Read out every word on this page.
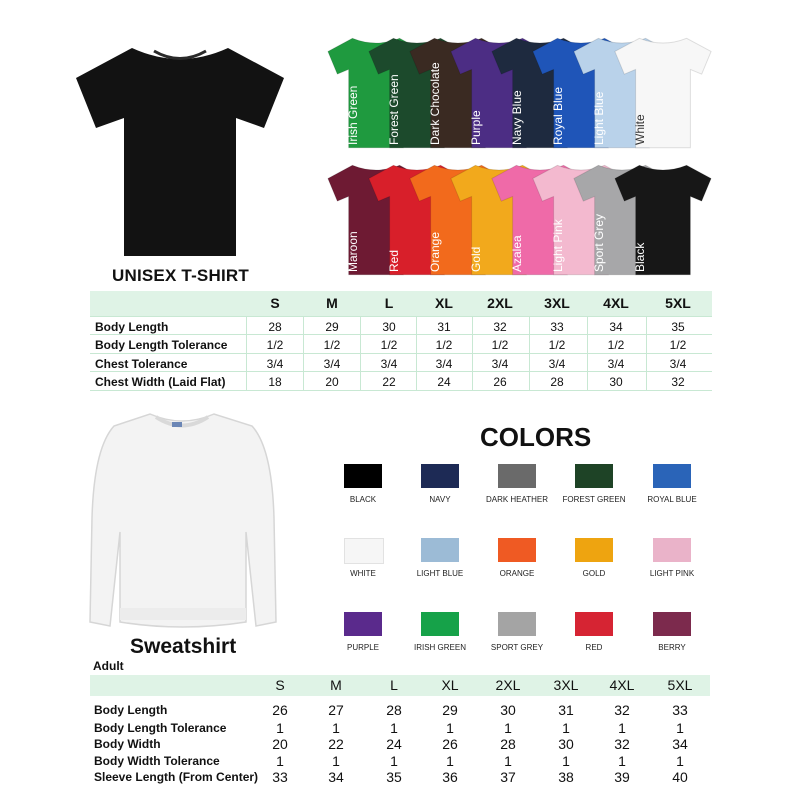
UNISEX T-SHIRT
Irish Green Forest Green Dark Chocolate Purple Navy Blue Royal Blue Light Blue White
Maroon Red Orange Gold Azalea Light Pink Sport Grey Black
S	M	L	XL	2XL	3XL	4XL	5XL
Body Length	28	29	30	31	32	33	34	35
Body Length Tolerance	1/2	1/2	1/2	1/2	1/2	1/2	1/2	1/2
Chest Tolerance	3/4	3/4	3/4	3/4	3/4	3/4	3/4	3/4
Chest Width (Laid Flat)	18	20	22	24	26	28	30	32
Sweatshirt
Adult
COLORS
BLACK	NAVY	DARK HEATHER	FOREST GREEN	ROYAL BLUE
WHITE	LIGHT BLUE	ORANGE	GOLD	LIGHT PINK
PURPLE	IRISH GREEN	SPORT GREY	RED	BERRY
S	M	L	XL	2XL	3XL	4XL	5XL
Body Length	26	27	28	29	30	31	32	33
Body Length Tolerance	1	1	1	1	1	1	1	1
Body Width	20	22	24	26	28	30	32	34
Body Width Tolerance	1	1	1	1	1	1	1	1
Sleeve Length (From Center)	33	34	35	36	37	38	39	40
